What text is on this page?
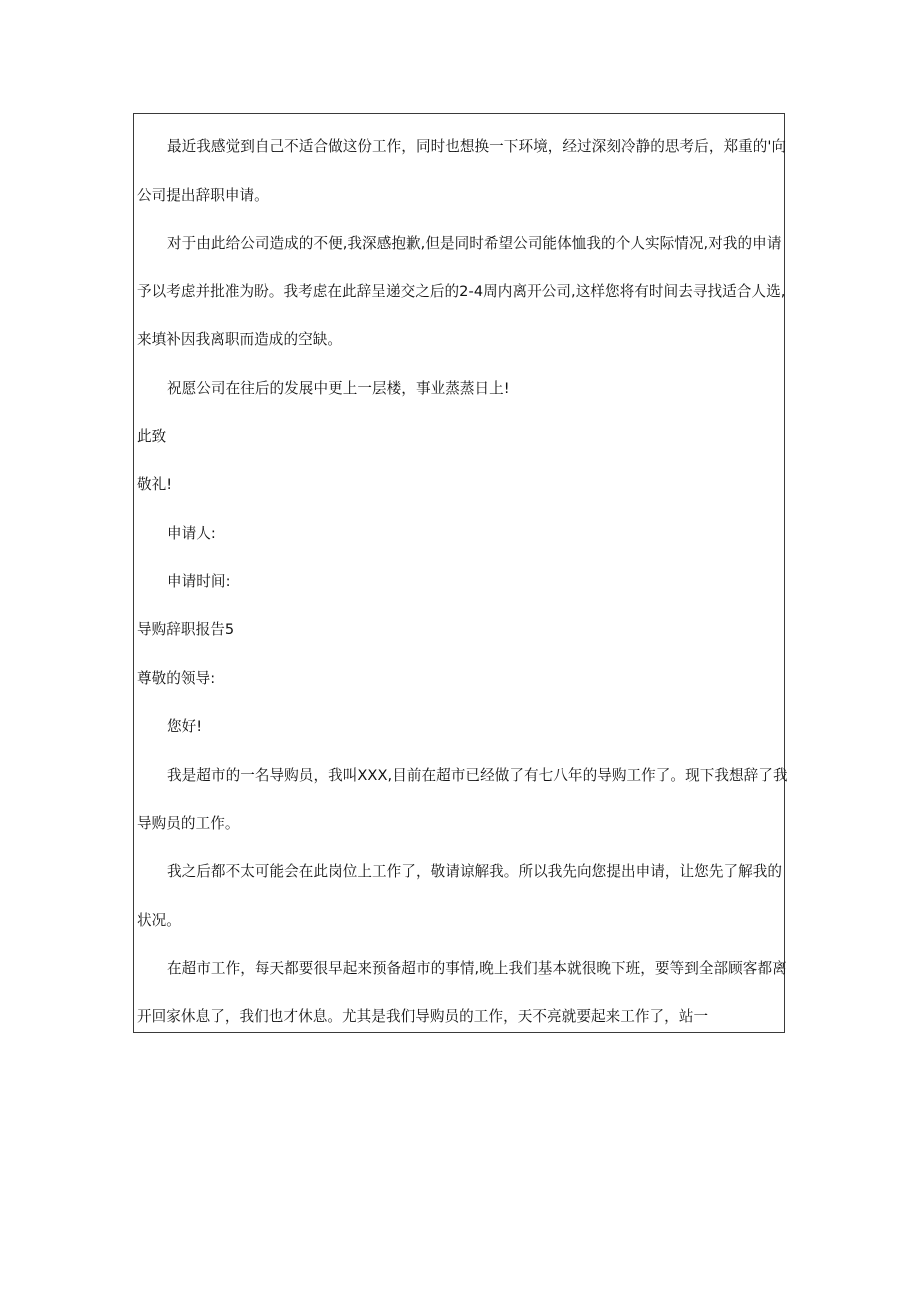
最近我感觉到自己不适合做这份工作，同时也想换一下环境，经过深刻冷静的思考后，郑重的'向
公司提出辞职申请。
对于由此给公司造成的不便,我深感抱歉,但是同时希望公司能体恤我的个人实际情况,对我的申请
予以考虑并批准为盼。我考虑在此辞呈递交之后的2-4周内离开公司,这样您将有时间去寻找适合人选,
来填补因我离职而造成的空缺。
祝愿公司在往后的发展中更上一层楼，事业蒸蒸日上!
此致
敬礼!
申请人:
申请时间:
导购辞职报告5
尊敬的领导:
您好!
我是超市的一名导购员，我叫XXX,目前在超市已经做了有七八年的导购工作了。现下我想辞了我
导购员的工作。
我之后都不太可能会在此岗位上工作了，敬请谅解我。所以我先向您提出申请，让您先了解我的
状况。
在超市工作，每天都要很早起来预备超市的事情,晚上我们基本就很晚下班，要等到全部顾客都离
开回家休息了，我们也才休息。尤其是我们导购员的工作，天不亮就要起来工作了，站一
